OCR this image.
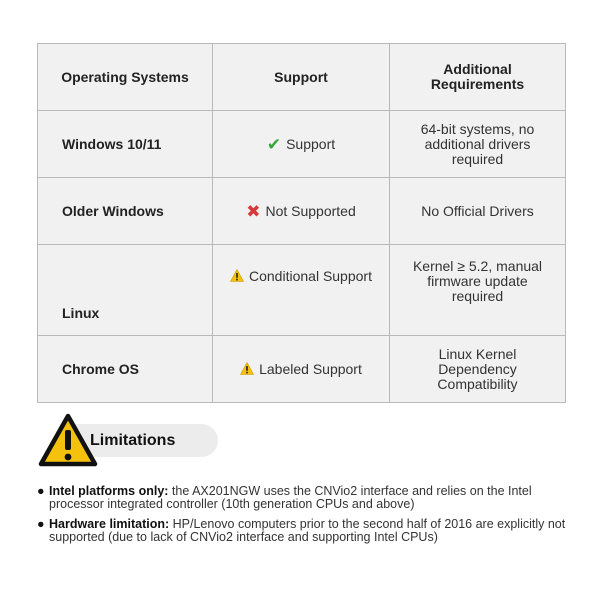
Operating Systems	Support	Additional
Requirements
Windows 10/11	✔ Support	64-bit systems, no
additional drivers
required
Older Windows	✖ Not Supported	No Official Drivers
Linux	Conditional Support	Kernel ≥ 5.2, manual
firmware update
required
Chrome OS	Labeled Support	Linux Kernel
Dependency
Compatibility
Limitations
● Intel platforms only: the AX201NGW uses the CNVio2 interface and relies on the Intel processor integrated controller (10th generation CPUs and above)
● Hardware limitation: HP/Lenovo computers prior to the second half of 2016 are explicitly not supported (due to lack of CNVio2 interface and supporting Intel CPUs)
